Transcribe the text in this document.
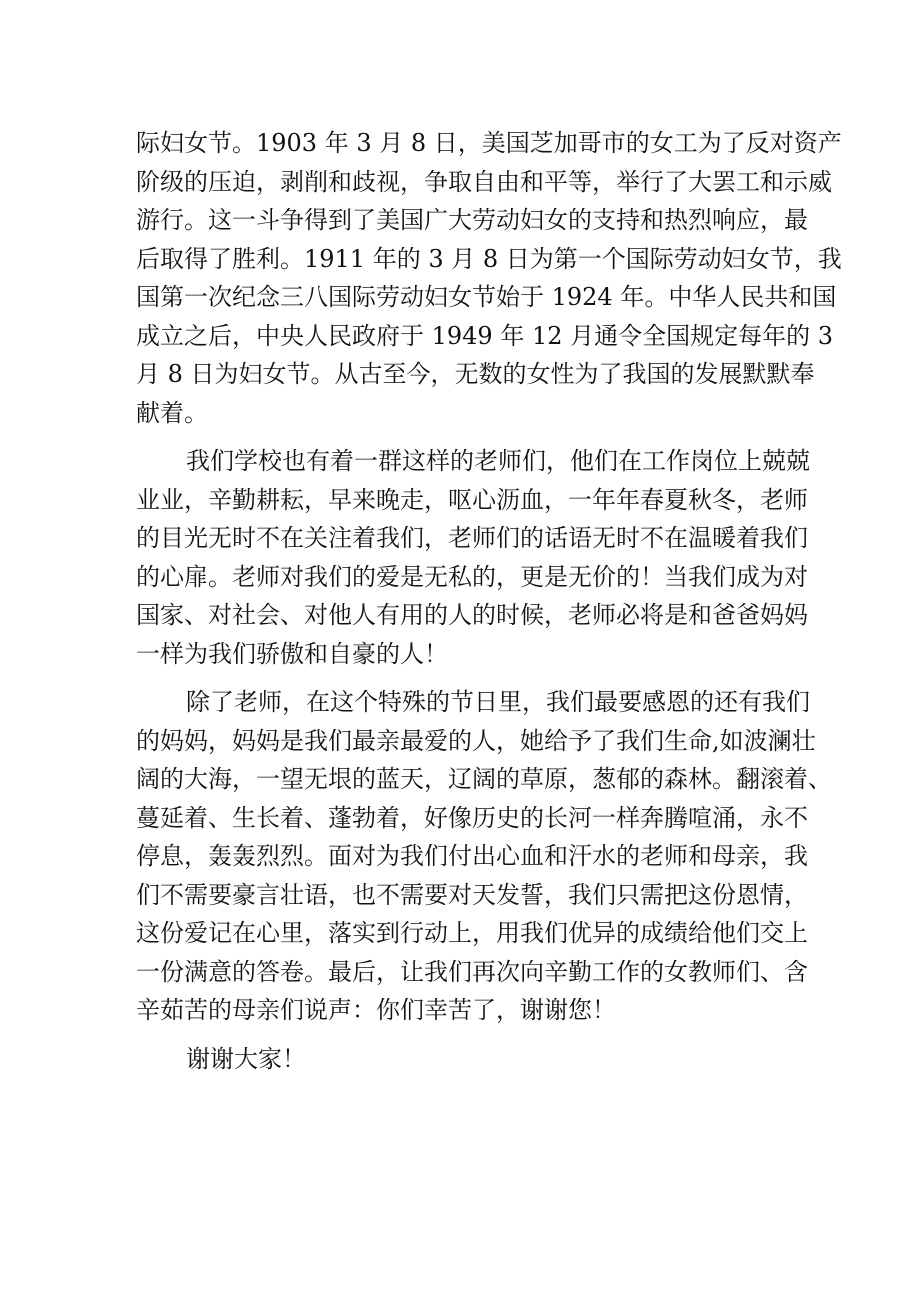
际妇女节。1903 年 3 月 8 日，美国芝加哥市的女工为了反对资产
阶级的压迫，剥削和歧视，争取自由和平等，举行了大罢工和示威
游行。这一斗争得到了美国广大劳动妇女的支持和热烈响应，最
后取得了胜利。1911 年的 3 月 8 日为第一个国际劳动妇女节，我
国第一次纪念三八国际劳动妇女节始于 1924 年。中华人民共和国
成立之后，中央人民政府于 1949 年 12 月通令全国规定每年的 3
月 8 日为妇女节。从古至今，无数的女性为了我国的发展默默奉
献着。
我们学校也有着一群这样的老师们，他们在工作岗位上兢兢
业业，辛勤耕耘，早来晚走，呕心沥血，一年年春夏秋冬，老师
的目光无时不在关注着我们，老师们的话语无时不在温暖着我们
的心扉。老师对我们的爱是无私的，更是无价的！当我们成为对
国家、对社会、对他人有用的人的时候，老师必将是和爸爸妈妈
一样为我们骄傲和自豪的人！
除了老师，在这个特殊的节日里，我们最要感恩的还有我们
的妈妈，妈妈是我们最亲最爱的人，她给予了我们生命,如波澜壮
阔的大海，一望无垠的蓝天，辽阔的草原，葱郁的森林。翻滚着、
蔓延着、生长着、蓬勃着，好像历史的长河一样奔腾喧涌，永不
停息，轰轰烈烈。面对为我们付出心血和汗水的老师和母亲，我
们不需要豪言壮语，也不需要对天发誓，我们只需把这份恩情，
这份爱记在心里，落实到行动上，用我们优异的成绩给他们交上
一份满意的答卷。最后，让我们再次向辛勤工作的女教师们、含
辛茹苦的母亲们说声：你们幸苦了，谢谢您！
谢谢大家！
